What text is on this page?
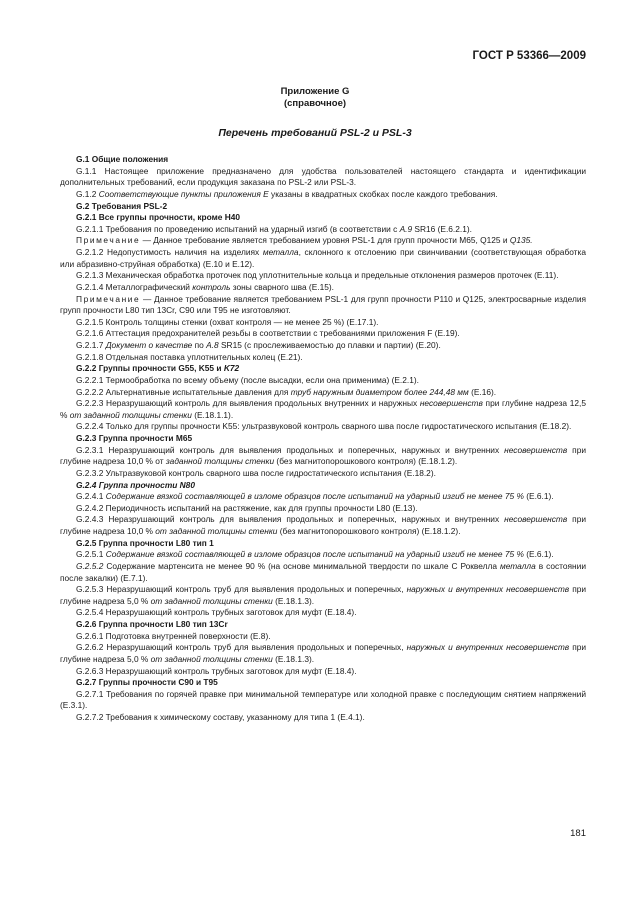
ГОСТ Р 53366—2009
Приложение G
(справочное)
Перечень требований PSL-2 и PSL-3

G.1 Общие положения

G.1.1 Настоящее приложение предназначено для удобства пользователей настоящего стандарта и идентификации дополнительных требований, если продукция заказана по PSL-2 или PSL-3.

G.1.2 Соответствующие пункты приложения E указаны в квадратных скобках после каждого требования.

G.2 Требования PSL-2

G.2.1 Все группы прочности, кроме H40

G.2.1.1 Требования по проведению испытаний на ударный изгиб (в соответствии с A.9 SR16 (E.6.2.1).

Примечание — Данное требование является требованием уровня PSL-1 для групп прочности M65, Q125 и Q135.

G.2.1.2 Недопустимость наличия на изделиях металла, склонного к отслоению при свинчивании (соответствующая обработка или абразивно-струйная обработка) (E.10 и E.12).

G.2.1.3 Механическая обработка проточек под уплотнительные кольца и предельные отклонения размеров проточек (E.11).

G.2.1.4 Металлографический контроль зоны сварного шва (E.15).

Примечание — Данное требование является требованием PSL-1 для групп прочности P110 и Q125, электросварные изделия групп прочности L80 тип 13Cr, C90 или T95 не изготовляют.

G.2.1.5 Контроль толщины стенки (охват контроля — не менее 25 %) (E.17.1).

G.2.1.6 Аттестация предохранителей резьбы в соответствии с требованиями приложения F (E.19).

G.2.1.7 Документ о качестве по A.8 SR15 (с прослеживаемостью до плавки и партии) (E.20).

G.2.1.8 Отдельная поставка уплотнительных колец (E.21).

G.2.2 Группы прочности G55, K55 и K72

G.2.2.1 Термообработка по всему объему (после высадки, если она применима) (E.2.1).

G.2.2.2 Альтернативные испытательные давления для труб наружным диаметром более 244,48 мм (E.16).

G.2.2.3 Неразрушающий контроль для выявления продольных внутренних и наружных несовершенств при глубине надреза 12,5 % от заданной толщины стенки (E.18.1.1).

G.2.2.4 Только для группы прочности K55: ультразвуковой контроль сварного шва после гидростатического испытания (E.18.2).

G.2.3 Группа прочности M65

G.2.3.1 Неразрушающий контроль для выявления продольных и поперечных, наружных и внутренних несовершенств при глубине надреза 10,0 % от заданной толщины стенки (без магнитопорошкового контроля) (E.18.1.2).

G.2.3.2 Ультразвуковой контроль сварного шва после гидростатического испытания (E.18.2).

G.2.4 Группа прочности N80

G.2.4.1 Содержание вязкой составляющей в изломе образцов после испытаний на ударный изгиб не менее 75 % (E.6.1).

G.2.4.2 Периодичность испытаний на растяжение, как для группы прочности L80 (E.13).

G.2.4.3 Неразрушающий контроль для выявления продольных и поперечных, наружных и внутренних несовершенств при глубине надреза 10,0 % от заданной толщины стенки (без магнитопорошкового контроля) (E.18.1.2).

G.2.5 Группа прочности L80 тип 1

G.2.5.1 Содержание вязкой составляющей в изломе образцов после испытаний на ударный изгиб не менее 75 % (E.6.1).

G.2.5.2 Содержание мартенсита не менее 90 % (на основе минимальной твердости по шкале C Роквелла металла в состоянии после закалки) (E.7.1).

G.2.5.3 Неразрушающий контроль труб для выявления продольных и поперечных, наружных и внутренних несовершенств при глубине надреза 5,0 % от заданной толщины стенки (E.18.1.3).

G.2.5.4 Неразрушающий контроль трубных заготовок для муфт (E.18.4).

G.2.6 Группа прочности L80 тип 13Cr

G.2.6.1 Подготовка внутренней поверхности (E.8).

G.2.6.2 Неразрушающий контроль труб для выявления продольных и поперечных, наружных и внутренних несовершенств при глубине надреза 5,0 % от заданной толщины стенки (E.18.1.3).

G.2.6.3 Неразрушающий контроль трубных заготовок для муфт (E.18.4).

G.2.7 Группы прочности C90 и T95

G.2.7.1 Требования по горячей правке при минимальной температуре или холодной правке с последующим снятием напряжений (E.3.1).

G.2.7.2 Требования к химическому составу, указанному для типа 1 (E.4.1).

181
